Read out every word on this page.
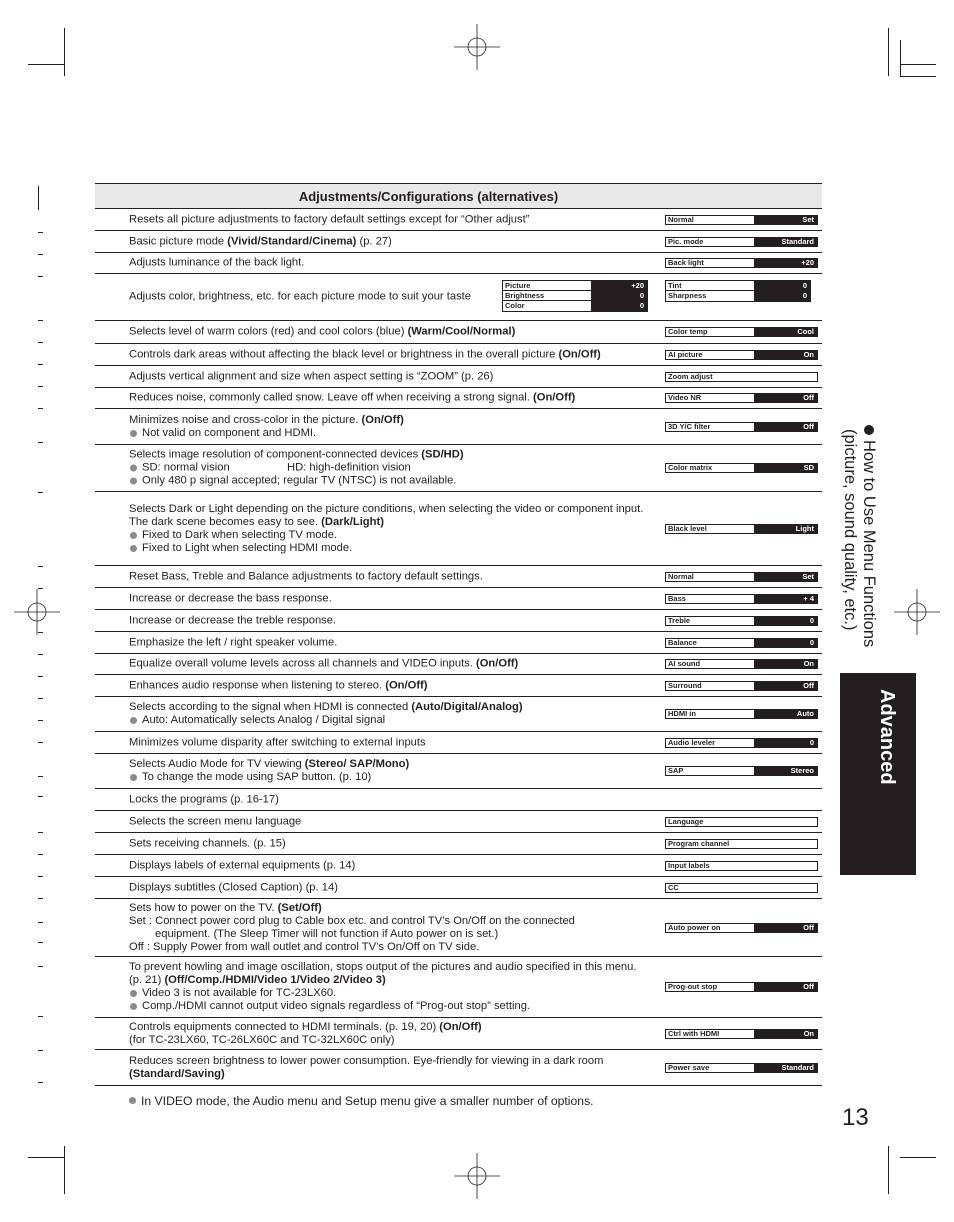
Adjustments/Configurations (alternatives)
Resets all picture adjustments to factory default settings except for “Other adjust”	Normal	Set
Basic picture mode (Vivid/Standard/Cinema) (p. 27)	Pic. mode	Standard
Adjusts luminance of the back light.	Back light	+20
Adjusts color, brightness, etc. for each picture mode to suit your taste
Picture	+20
Brightness	0
Color	0
Tint	0
Sharpness	0
Selects level of warm colors (red) and cool colors (blue) (Warm/Cool/Normal)	Color temp	Cool
Controls dark areas without affecting the black level or brightness in the overall picture (On/Off)	AI picture	On
Adjusts vertical alignment and size when aspect setting is “ZOOM” (p. 26)	Zoom adjust
Reduces noise, commonly called snow. Leave off when receiving a strong signal. (On/Off)	Video NR	Off
Minimizes noise and cross-color in the picture. (On/Off)
Not valid on component and HDMI.
3D Y/C filter	Off
Selects image resolution of component-connected devices (SD/HD)
SD: normal vision	HD: high-definition vision
Only 480 p signal accepted; regular TV (NTSC) is not available.
Color matrix	SD
Selects Dark or Light depending on the picture conditions, when selecting the video or component input.
The dark scene becomes easy to see. (Dark/Light)
Fixed to Dark when selecting TV mode.
Fixed to Light when selecting HDMI mode.
Black level	Light
Reset Bass, Treble and Balance adjustments to factory default settings.	Normal	Set
Increase or decrease the bass response.	Bass	+ 4
Increase or decrease the treble response.	Treble	0
Emphasize the left / right speaker volume.	Balance	0
Equalize overall volume levels across all channels and VIDEO inputs. (On/Off)	AI sound	On
Enhances audio response when listening to stereo. (On/Off)	Surround	Off
Selects according to the signal when HDMI is connected (Auto/Digital/Analog)
Auto: Automatically selects Analog / Digital signal
HDMI in	Auto
Minimizes volume disparity after switching to external inputs	Audio leveler	0
Selects Audio Mode for TV viewing (Stereo/ SAP/Mono)
To change the mode using SAP button. (p. 10)
SAP	Stereo
Locks the programs (p. 16-17)
Selects the screen menu language	Language
Sets receiving channels. (p. 15)	Program channel
Displays labels of external equipments (p. 14)	Input labels
Displays subtitles (Closed Caption) (p. 14)	CC
Sets how to power on the TV. (Set/Off)
Set : Connect power cord plug to Cable box etc. and control TV’s On/Off on the connected
equipment. (The Sleep Timer will not function if Auto power on is set.)
Off : Supply Power from wall outlet and control TV’s On/Off on TV side.
Auto power on	Off
To prevent howling and image oscillation, stops output of the pictures and audio specified in this menu. (p. 21) (Off/Comp./HDMI/Video 1/Video 2/Video 3)
Video 3 is not available for TC-23LX60.
Comp./HDMI cannot output video signals regardless of “Prog-out stop” setting.
Prog-out stop	Off
Controls equipments connected to HDMI terminals. (p. 19, 20) (On/Off)
(for TC-23LX60, TC-26LX60C and TC-32LX60C only)
Ctrl with HDMI	On
Reduces screen brightness to lower power consumption. Eye-friendly for viewing in a dark room
(Standard/Saving)
Power save	Standard
How to Use Menu Functions
(picture, sound quality, etc.)
Advanced
In VIDEO mode, the Audio menu and Setup menu give a smaller number of options.
13
